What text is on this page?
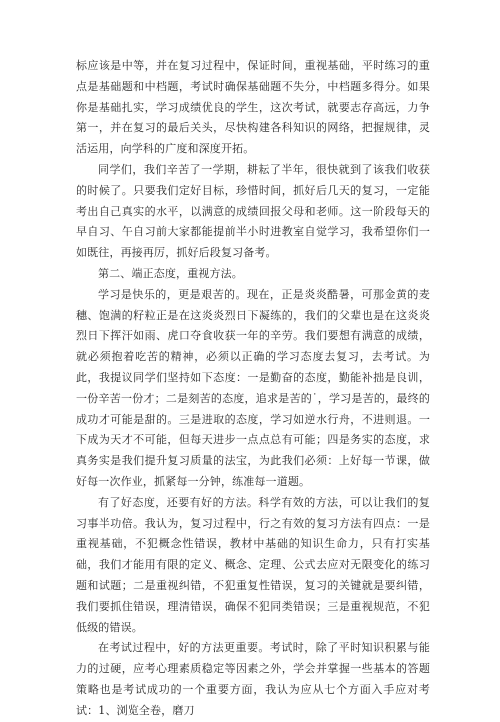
标应该是中等，并在复习过程中，保证时间，重视基础，平时练习的重点是基础题和中档题，考试时确保基础题不失分，中档题多得分。如果你是基础扎实，学习成绩优良的学生，这次考试，就要志存高远，力争第一，并在复习的最后关头，尽快构建各科知识的网络，把握规律，灵活运用，向学科的广度和深度开拓。

同学们，我们辛苦了一学期，耕耘了半年，很快就到了该我们收获的时候了。只要我们定好目标，珍惜时间，抓好后几天的复习，一定能考出自己真实的水平，以满意的成绩回报父母和老师。这一阶段每天的早自习、午自习前大家都能提前半小时进教室自觉学习，我希望你们一如既往，再接再厉，抓好后段复习备考。

第二、端正态度，重视方法。

学习是快乐的，更是艰苦的。现在，正是炎炎酷暑，可那金黄的麦穗、饱满的籽粒正是在这炎炎烈日下凝练的，我们的父辈也是在这炎炎烈日下挥汗如雨、虎口夺食收获一年的辛劳。我们要想有满意的成绩，就必须抱着吃苦的精神，必须以正确的学习态度去复习，去考试。为此，我提议同学们坚持如下态度：一是勤奋的态度，勤能补拙是良训，一份辛苦一份才；二是刻苦的态度，追求是苦的˙，学习是苦的，最终的成功才可能是甜的。三是进取的态度，学习如逆水行舟，不进则退。一下成为天才不可能，但每天进步一点点总有可能；四是务实的态度，求真务实是我们提升复习质量的法宝，为此我们必须：上好每一节课，做好每一次作业，抓紧每一分钟，练准每一道题。

有了好态度，还要有好的方法。科学有效的方法，可以让我们的复习事半功倍。我认为，复习过程中，行之有效的复习方法有四点：一是重视基础，不犯概念性错误，教材中基础的知识生命力，只有打实基础，我们才能用有限的定义、概念、定理、公式去应对无限变化的练习题和试题；二是重视纠错，不犯重复性错误，复习的关键就是要纠错，我们要抓住错误，理清错误，确保不犯同类错误；三是重视规范，不犯低级的错误。

在考试过程中，好的方法更重要。考试时，除了平时知识积累与能力的过硬，应考心理素质稳定等因素之外，学会并掌握一些基本的答题策略也是考试成功的一个重要方面，我认为应从七个方面入手应对考试：1、浏览全卷，磨刀
